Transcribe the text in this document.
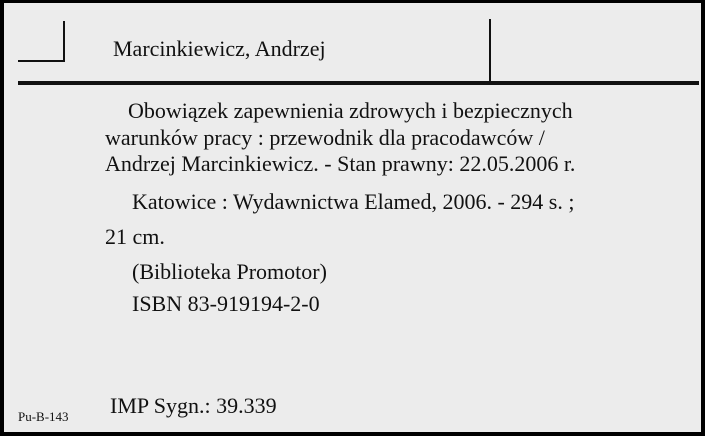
Marcinkiewicz, Andrzej
Obowiązek zapewnienia zdrowych i bezpiecznych
warunków pracy : przewodnik dla pracodawców /
Andrzej Marcinkiewicz. - Stan prawny: 22.05.2006 r.
Katowice : Wydawnictwa Elamed, 2006. - 294 s. ;
21 cm.
(Biblioteka Promotor)
ISBN 83-919194-2-0
IMP Sygn.: 39.339
Pu-B-143
